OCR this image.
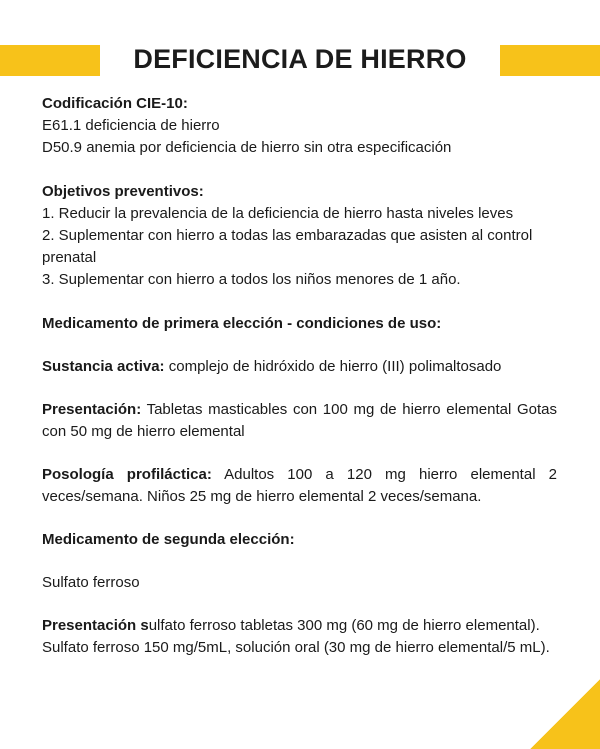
DEFICIENCIA DE HIERRO

Codificación CIE-10:

E61.1 deficiencia de hierro

D50.9 anemia por deficiencia de hierro sin otra especificación

Objetivos preventivos:

1. Reducir la prevalencia de la deficiencia de hierro hasta niveles leves

2. Suplementar con hierro a todas las embarazadas que asisten al control prenatal

3. Suplementar con hierro a todos los niños menores de 1 año.

Medicamento de primera elección - condiciones de uso:

Sustancia activa: complejo de hidróxido de hierro (III) polimaltosado

Presentación: Tabletas masticables con 100 mg de hierro elemental Gotas con 50 mg de hierro elemental

Posología profiláctica: Adultos 100 a 120 mg hierro elemental 2 veces/semana. Niños 25 mg de hierro elemental 2 veces/semana.

Medicamento de segunda elección:

Sulfato ferroso

Presentación sulfato ferroso tabletas 300 mg (60 mg de hierro elemental).

Sulfato ferroso 150 mg/5mL, solución oral (30 mg de hierro elemental/5 mL).
